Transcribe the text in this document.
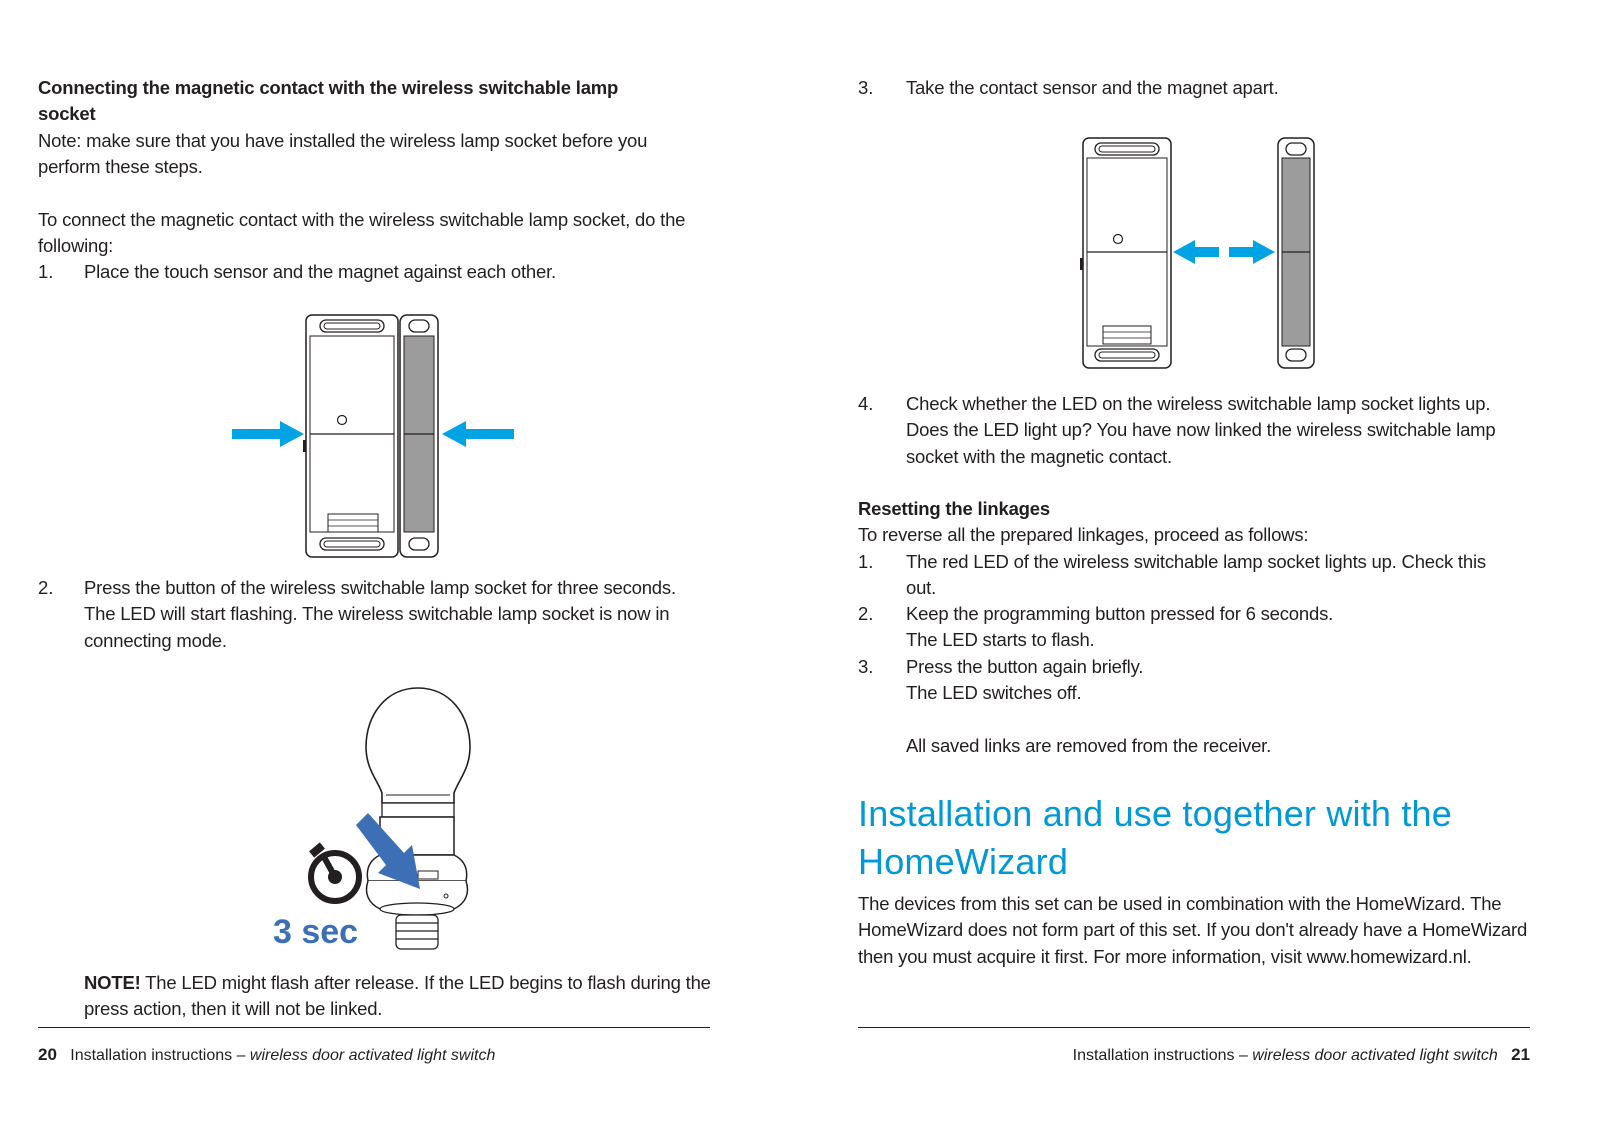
Connecting the magnetic contact with the wireless switchable lamp socket
Note: make sure that you have installed the wireless lamp socket before you perform these steps.
To connect the magnetic contact with the wireless switchable lamp socket, do the following:
1. Place the touch sensor and the magnet against each other.
2. Press the button of the wireless switchable lamp socket for three seconds. The LED will start flashing. The wireless switchable lamp socket is now in connecting mode.
3 sec
NOTE! The LED might flash after release. If the LED begins to flash during the press action, then it will not be linked.
20 Installation instructions – wireless door activated light switch
3. Take the contact sensor and the magnet apart.
4. Check whether the LED on the wireless switchable lamp socket lights up. Does the LED light up? You have now linked the wireless switchable lamp socket with the magnetic contact.
Resetting the linkages
To reverse all the prepared linkages, proceed as follows:
1. The red LED of the wireless switchable lamp socket lights up. Check this out.
2. Keep the programming button pressed for 6 seconds.
The LED starts to flash.
3. Press the button again briefly.
The LED switches off.
All saved links are removed from the receiver.
Installation and use together with the HomeWizard
The devices from this set can be used in combination with the HomeWizard. The HomeWizard does not form part of this set. If you don't already have a HomeWizard then you must acquire it first. For more information, visit www.homewizard.nl.
Installation instructions – wireless door activated light switch 21
